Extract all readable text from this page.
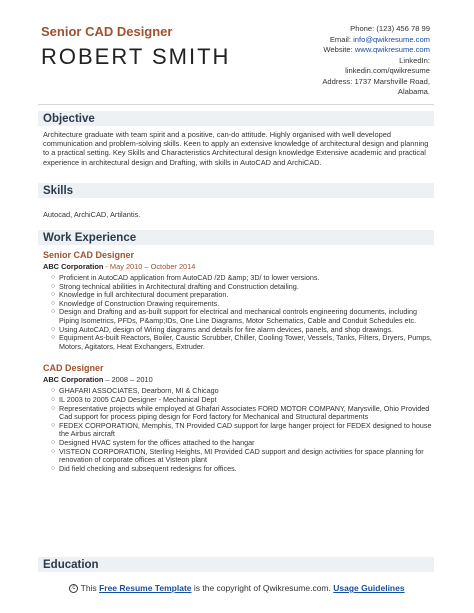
Senior CAD Designer
ROBERT SMITH
Phone: (123) 456 78 99
Email: info@qwikresume.com
Website: www.qwikresume.com
LinkedIn:
linkedin.com/qwikresume
Address: 1737 Marshville Road,
Alabama.
Objective
Architecture graduate with team spirit and a positive, can-do attitude. Highly organised with well developed communication and problem-solving skills. Keen to apply an extensive knowledge of architectural design and planning to a practical setting. Key Skills and Characteristics Architectural design knowledge Extensive academic and practical experience in architectural design and Drafting, with skills in AutoCAD and ArchiCAD.
Skills
Autocad, ArchiCAD, Artilantis.
Work Experience
Senior CAD Designer
ABC Corporation - May 2010 – October 2014
○ Proficient in AutoCAD application from AutoCAD /2D &amp; 3D/ to lower versions.
○ Strong technical abilities in Architectural drafting and Construction detailing.
○ Knowledge in full architectural document preparation.
○ Knowledge of Construction Drawing requirements.
○ Design and Drafting and as-built support for electrical and mechanical controls engineering documents, including Piping Isometrics, PFDs, P&amp;IDs, One Line Diagrams, Motor Schematics, Cable and Conduit Schedules etc.
○ Using AutoCAD, design of Wiring diagrams and details for fire alarm devices, panels, and shop drawings.
○ Equipment As-built Reactors, Boiler, Caustic Scrubber, Chiller, Cooling Tower, Vessels, Tanks, Filters, Dryers, Pumps, Motors, Agitators, Heat Exchangers, Extruder.
CAD Designer
ABC Corporation – 2008 – 2010
○ GHAFARI ASSOCIATES, Dearborn, MI & Chicago
○ IL 2003 to 2005 CAD Designer - Mechanical Dept
○ Representative projects while employed at Ghafari Associates FORD MOTOR COMPANY, Marysville, Ohio Provided Cad support for process piping design for Ford factory for Mechanical and Structural departments
○ FEDEX CORPORATION, Memphis, TN Provided CAD support for large hanger project for FEDEX designed to house the Airbus aircraft
○ Designed HVAC system for the offices attached to the hangar
○ VISTEON CORPORATION, Sterling Heights, MI Provided CAD support and design activities for space planning for renovation of corporate offices at Visteon plant
○ Did field checking and subsequent redesigns for offices.
Education
c This Free Resume Template is the copyright of Qwikresume.com. Usage Guidelines
